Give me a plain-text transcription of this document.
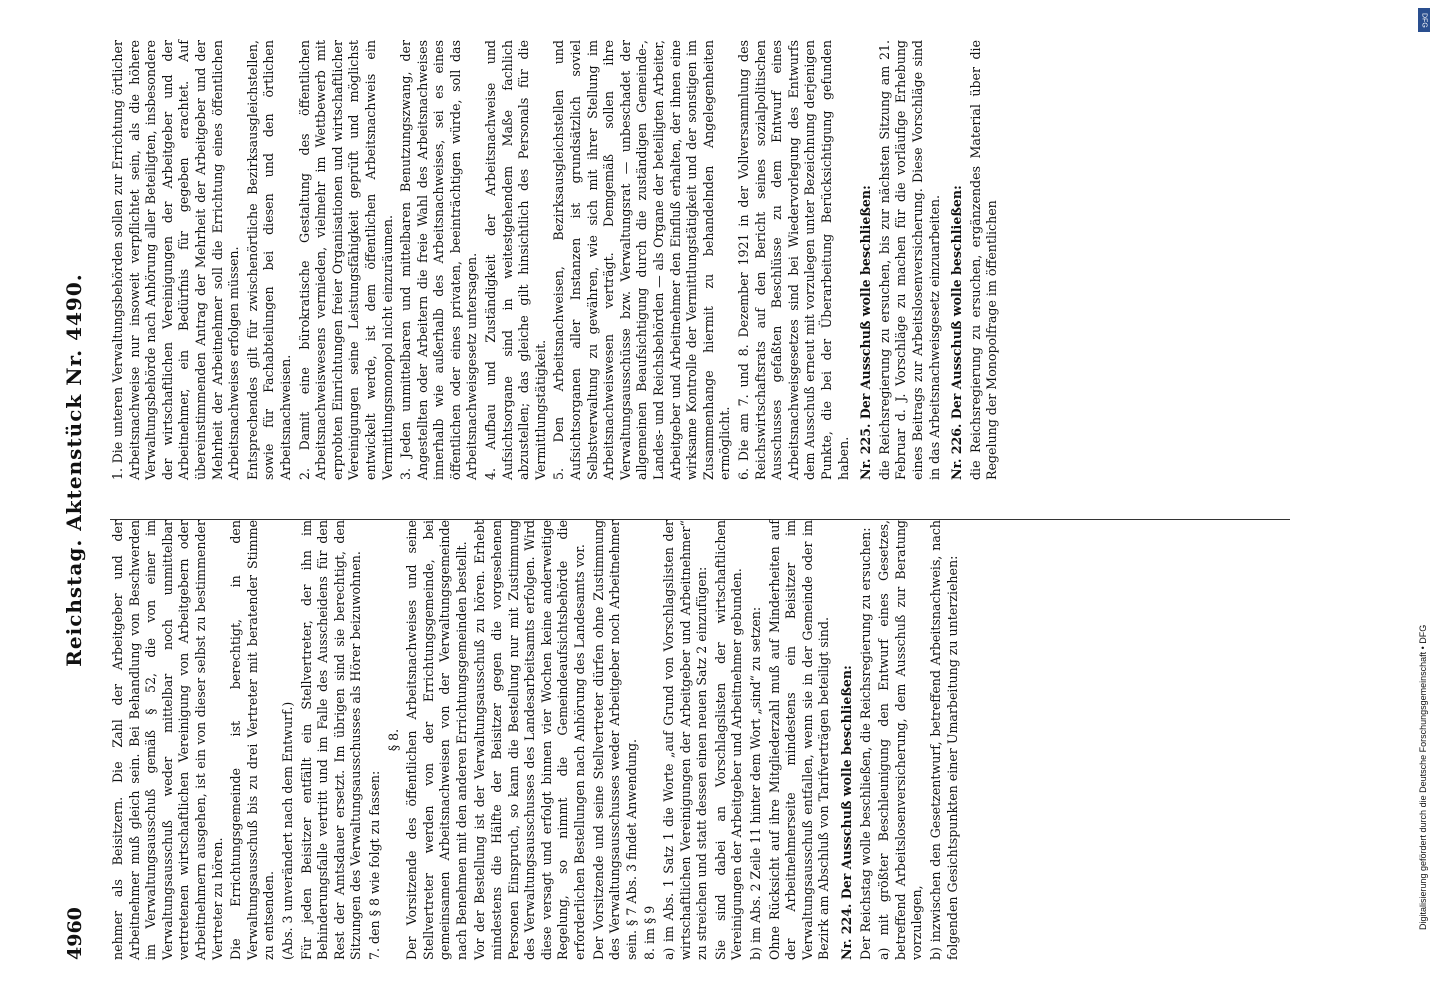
4960
Reichstag. Aktenstück Nr. 4490.

nehmer als Beisitzern. Die Zahl der Arbeitgeber und der Arbeitnehmer muß gleich sein. Bei Behandlung von Beschwerden im Verwaltungsausschuß gemäß § 52, die von einer im Verwaltungsausschuß weder mittelbar noch unmittelbar vertretenen wirtschaftlichen Vereinigung von Arbeitgebern oder Arbeitnehmern ausgehen, ist ein von dieser selbst zu bestimmender Vertreter zu hören. Die Errichtungsgemeinde ist berechtigt, in den Verwaltungsausschuß bis zu drei Vertreter mit beratender Stimme zu entsenden. (Abs. 3 unverändert nach dem Entwurf.) Für jeden Beisitzer entfällt ein Stellvertreter, der ihn im Behinderungsfalle vertritt und im Falle des Ausscheidens für den Rest der Amtsdauer ersetzt. Im übrigen sind sie berechtigt, den Sitzungen des Verwaltungsausschusses als Hörer beizuwohnen. 7. den § 8 wie folgt zu fassen:

§ 8. Der Vorsitzende des öffentlichen Arbeitsnachweises und seine Stellvertreter werden von der Errichtungsgemeinde, bei gemeinsamen Arbeitsnachweisen von der Verwaltungsgemeinde nach Benehmen mit den anderen Errichtungsgemeinden bestellt. Vor der Bestellung ist der Verwaltungsausschuß zu hören. Erhebt mindestens die Hälfte der Beisitzer gegen die vorgesehenen Personen Einspruch, so kann die Bestellung nur mit Zustimmung des Verwaltungsausschusses des Landesarbeitsamts erfolgen. Wird diese versagt und erfolgt binnen vier Wochen keine anderweitige Regelung, so nimmt die Gemeindeaufsichtsbehörde die erforderlichen Bestellungen nach Anhörung des Landesamts vor. Der Vorsitzende und seine Stellvertreter dürfen ohne Zustimmung des Verwaltungsausschusses weder Arbeitgeber noch Arbeitnehmer sein. § 7 Abs. 3 findet Anwendung. 8. im § 9 a) im Abs. 1 Satz 1 die Worte „auf Grund von Vorschlagslisten der wirtschaftlichen Vereinigungen der Arbeitgeber und Arbeitnehmer“ zu streichen und statt dessen einen neuen Satz 2 einzufügen: Sie sind dabei an Vorschlagslisten der wirtschaftlichen Vereinigungen der Arbeitgeber und Arbeitnehmer gebunden. b) im Abs. 2 Zeile 11 hinter dem Wort „sind“ zu setzen: Ohne Rücksicht auf ihre Mitgliederzahl muß auf Minderheiten auf der Arbeitnehmerseite mindestens ein Beisitzer im Verwaltungsausschuß entfallen, wenn sie in der Gemeinde oder im Bezirk am Abschluß von Tarifverträgen beteiligt sind. Nr. 224. Der Ausschuß wolle beschließen: Der Reichstag wolle beschließen, die Reichsregierung zu ersuchen: a) mit größter Beschleunigung den Entwurf eines Gesetzes, betreffend Arbeitslosenversicherung, dem Ausschuß zur Beratung vorzulegen, b) inzwischen den Gesetzentwurf, betreffend Arbeitsnachweis, nach folgenden Gesichtspunkten einer Umarbeitung zu unterziehen:

1. Die unteren Verwaltungsbehörden sollen zur Errichtung örtlicher Arbeitsnachweise nur insoweit verpflichtet sein, als die höhere Verwaltungsbehörde nach Anhörung aller Beteiligten, insbesondere der wirtschaftlichen Vereinigungen der Arbeitgeber und der Arbeitnehmer, ein Bedürfnis für gegeben erachtet. Auf übereinstimmenden Antrag der Mehrheit der Arbeitgeber und der Mehrheit der Arbeitnehmer soll die Errichtung eines öffentlichen Arbeitsnachweises erfolgen müssen. Entsprechendes gilt für zwischenörtliche Bezirksausgleichstellen, sowie für Fachabteilungen bei diesen und den örtlichen Arbeitsnachweisen. 2. Damit eine bürokratische Gestaltung des öffentlichen Arbeitsnachweiswesens vermieden, vielmehr im Wettbewerb mit erprobten Einrichtungen freier Organisationen und wirtschaftlicher Vereinigungen seine Leistungsfähigkeit geprüft und möglichst entwickelt werde, ist dem öffentlichen Arbeitsnachweis ein Vermittlungsmonopol nicht einzuräumen. 3. Jeden unmittelbaren und mittelbaren Benutzungszwang, der Angestellten oder Arbeitern die freie Wahl des Arbeitsnachweises innerhalb wie außerhalb des Arbeitsnachweises, sei es eines öffentlichen oder eines privaten, beeinträchtigen würde, soll das Arbeitsnachweisgesetz untersagen. 4. Aufbau und Zuständigkeit der Arbeitsnachweise und Aufsichtsorgane sind in weitestgehendem Maße fachlich abzustellen; das gleiche gilt hinsichtlich des Personals für die Vermittlungstätigkeit. 5. Den Arbeitsnachweisen, Bezirksausgleichstellen und Aufsichtsorganen aller Instanzen ist grundsätzlich soviel Selbstverwaltung zu gewähren, wie sich mit ihrer Stellung im Arbeitsnachweiswesen verträgt. Demgemäß sollen ihre Verwaltungsausschüsse bzw. Verwaltungsrat — unbeschadet der allgemeinen Beaufsichtigung durch die zuständigen Gemeinde-, Landes- und Reichsbehörden — als Organe der beteiligten Arbeiter, Arbeitgeber und Arbeitnehmer den Einfluß erhalten, der ihnen eine wirksame Kontrolle der Vermittlungstätigkeit und der sonstigen im Zusammenhange hiermit zu behandelnden Angelegenheiten ermöglicht. 6. Die am 7. und 8. Dezember 1921 in der Vollversammlung des Reichswirtschaftsrats auf den Bericht seines sozialpolitischen Ausschusses gefaßten Beschlüsse zu dem Entwurf eines Arbeitsnachweisgesetzes sind bei Wiedervorlegung des Entwurfs dem Ausschuß erneut mit vorzulegen unter Bezeichnung derjenigen Punkte, die bei der Überarbeitung Berücksichtigung gefunden haben. Nr. 225. Der Ausschuß wolle beschließen: die Reichsregierung zu ersuchen, bis zur nächsten Sitzung am 21. Februar d. J. Vorschläge zu machen für die vorläufige Erhebung eines Beitrags zur Arbeitslosenversicherung. Diese Vorschläge sind in das Arbeitsnachweisgesetz einzuarbeiten. Nr. 226. Der Ausschuß wolle beschließen: die Reichsregierung zu ersuchen, ergänzendes Material über die Regelung der Monopolfrage im öffentlichen

Digitalisierung gefördert durch die Deutsche Forschungsgemeinschaft • DFG
DFG
